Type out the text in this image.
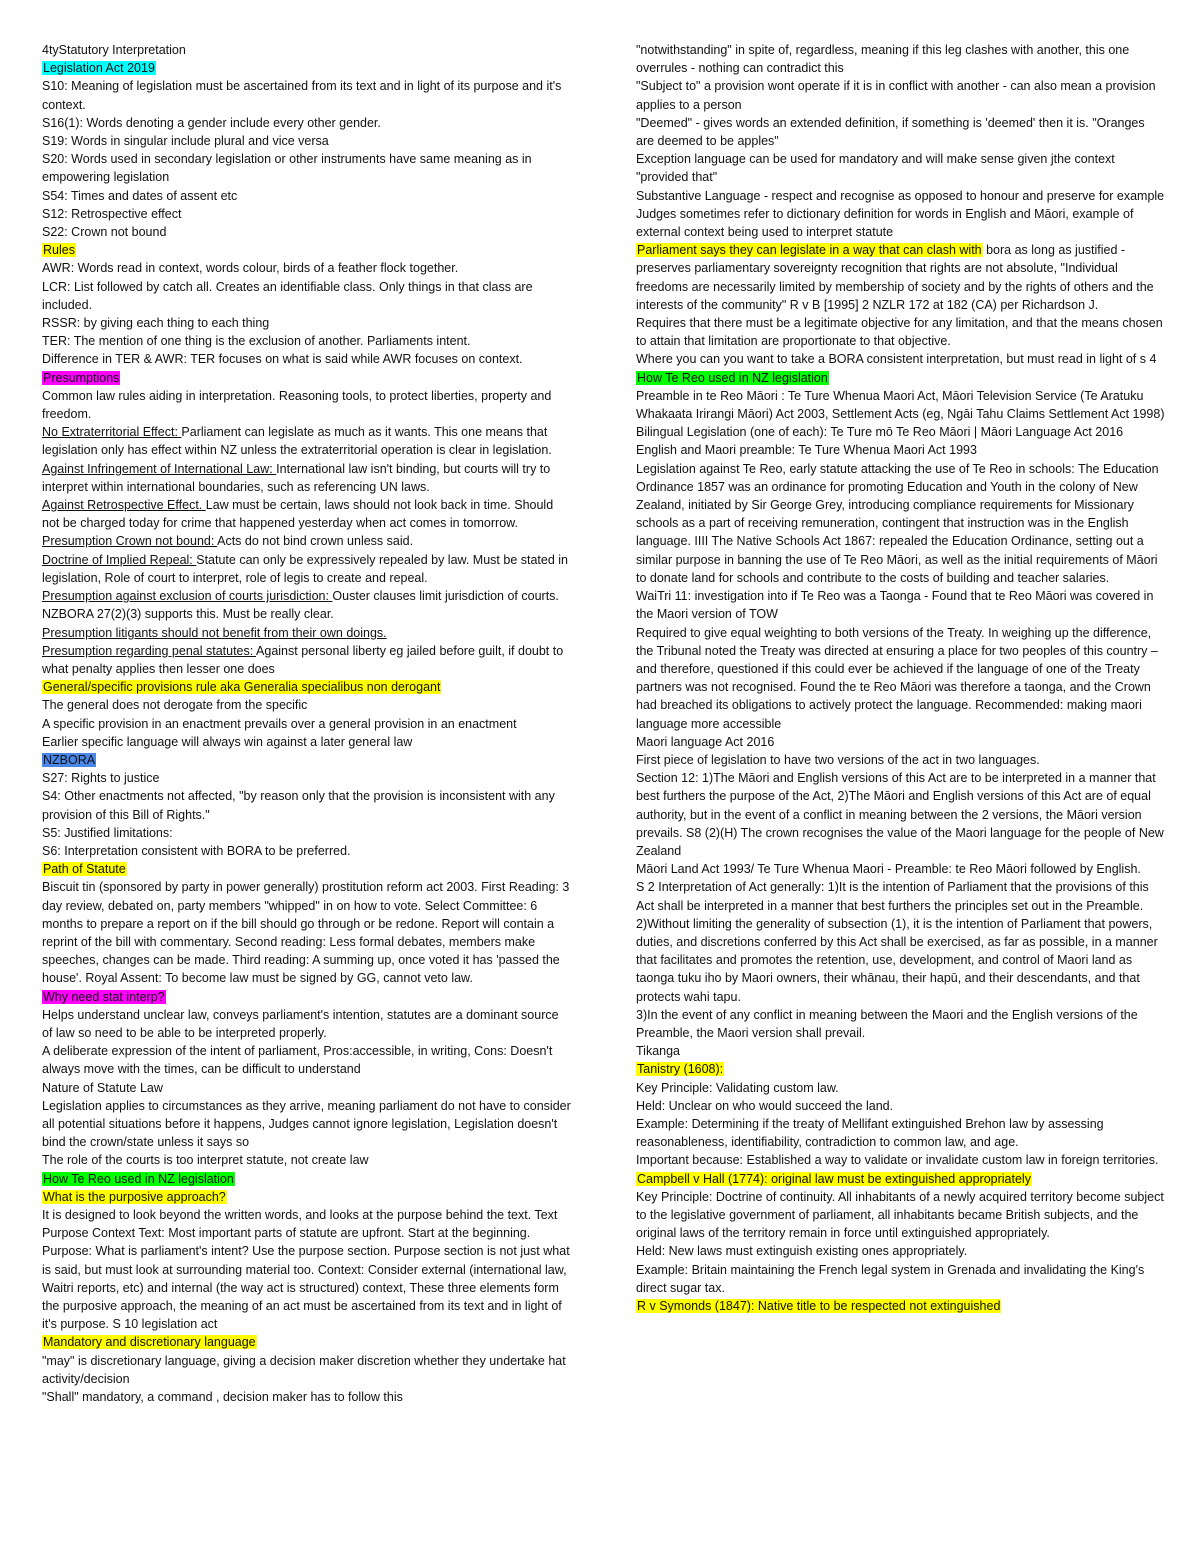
4tyStatutory Interpretation

Legislation Act 2019

S10: Meaning of legislation must be ascertained from its text and in light of its purpose and it's context.

S16(1): Words denoting a gender include every other gender.

S19: Words in singular include plural and vice versa

S20: Words used in secondary legislation or other instruments have same meaning as in empowering legislation

S54: Times and dates of assent etc

S12: Retrospective effect

S22: Crown not bound

Rules

AWR: Words read in context, words colour, birds of a feather flock together.

LCR: List followed by catch all. Creates an identifiable class. Only things in that class are included.

RSSR: by giving each thing to each thing

TER: The mention of one thing is the exclusion of another. Parliaments intent.

Difference in TER & AWR: TER focuses on what is said while AWR focuses on context.

Presumptions

Common law rules aiding in interpretation. Reasoning tools, to protect liberties, property and freedom.

No Extraterritorial Effect: Parliament can legislate as much as it wants. This one means that legislation only has effect within NZ unless the extraterritorial operation is clear in legislation.

Against Infringement of International Law: International law isn't binding, but courts will try to interpret within international boundaries, such as referencing UN laws.

Against Retrospective Effect. Law must be certain, laws should not look back in time. Should not be charged today for crime that happened yesterday when act comes in tomorrow.

Presumption Crown not bound: Acts do not bind crown unless said.

Doctrine of Implied Repeal: Statute can only be expressively repealed by law. Must be stated in legislation, Role of court to interpret, role of legis to create and repeal.

Presumption against exclusion of courts jurisdiction: Ouster clauses limit jurisdiction of courts. NZBORA 27(2)(3) supports this. Must be really clear.

Presumption litigants should not benefit from their own doings.

Presumption regarding penal statutes: Against personal liberty eg jailed before guilt, if doubt to what penalty applies then lesser one does

General/specific provisions rule aka Generalia specialibus non derogant

The general does not derogate from the specific

A specific provision in an enactment prevails over a general provision in an enactment

Earlier specific language will always win against a later general law

NZBORA

S27: Rights to justice

S4: Other enactments not affected, "by reason only that the provision is inconsistent with any provision of this Bill of Rights."

S5: Justified limitations:

S6: Interpretation consistent with BORA to be preferred.

Path of Statute

Biscuit tin (sponsored by party in power generally) prostitution reform act 2003. First Reading: 3 day review, debated on, party members "whipped" in on how to vote. Select Committee: 6 months to prepare a report on if the bill should go through or be redone. Report will contain a reprint of the bill with commentary. Second reading: Less formal debates, members make speeches, changes can be made. Third reading: A summing up, once voted it has 'passed the house'. Royal Assent: To become law must be signed by GG, cannot veto law.

Why need stat interp?

Helps understand unclear law, conveys parliament's intention, statutes are a dominant source of law so need to be able to be interpreted properly.

A deliberate expression of the intent of parliament, Pros:accessible, in writing, Cons: Doesn't always move with the times, can be difficult to understand

Nature of Statute Law

Legislation applies to circumstances as they arrive, meaning parliament do not have to consider all potential situations before it happens, Judges cannot ignore legislation, Legislation doesn't bind the crown/state unless it says so

The role of the courts is too interpret statute, not create law

How Te Reo used in NZ legislation

What is the purposive approach?

It is designed to look beyond the written words, and looks at the purpose behind the text. Text Purpose Context Text: Most important parts of statute are upfront. Start at the beginning. Purpose: What is parliament's intent? Use the purpose section. Purpose section is not just what is said, but must look at surrounding material too. Context: Consider external (international law, Waitri reports, etc) and internal (the way act is structured) context, These three elements form the purposive approach, the meaning of an act must be ascertained from its text and in light of it's purpose. S 10 legislation act

Mandatory and discretionary language

"may" is discretionary language, giving a decision maker discretion whether they undertake hat activity/decision

"Shall" mandatory, a command , decision maker has to follow this

"notwithstanding" in spite of, regardless, meaning if this leg clashes with another, this one overrules - nothing can contradict this

"Subject to" a provision wont operate if it is in conflict with another - can also mean a provision applies to a person

"Deemed" - gives words an extended definition, if something is 'deemed' then it is. "Oranges are deemed to be apples"

Exception language can be used for mandatory and will make sense given jthe context "provided that"

Substantive Language - respect and recognise as opposed to honour and preserve for example

Judges sometimes refer to dictionary definition for words in English and Māori, example of external context being used to interpret statute

Parliament says they can legislate in a way that can clash with bora as long as justified - preserves parliamentary sovereignty recognition that rights are not absolute, "Individual freedoms are necessarily limited by membership of society and by the rights of others and the interests of the community" R v B [1995] 2 NZLR 172 at 182 (CA) per Richardson J.

Requires that there must be a legitimate objective for any limitation, and that the means chosen to attain that limitation are proportionate to that objective.

Where you can you want to take a BORA consistent interpretation, but must read in light of s 4

How Te Reo used in NZ legislation

Preamble in te Reo Māori : Te Ture Whenua Maori Act, Māori Television Service (Te Aratuku Whakaata Irirangi Māori) Act 2003, Settlement Acts (eg, Ngāi Tahu Claims Settlement Act 1998)

Bilingual Legislation (one of each): Te Ture mō Te Reo Māori | Māori Language Act 2016

English and Maori preamble: Te Ture Whenua Maori Act 1993

Legislation against Te Reo, early statute attacking the use of Te Reo in schools: The Education Ordinance 1857 was an ordinance for promoting Education and Youth in the colony of New Zealand, initiated by Sir George Grey, introducing compliance requirements for Missionary schools as a part of receiving remuneration, contingent that instruction was in the English language. IIII The Native Schools Act 1867: repealed the Education Ordinance, setting out a similar purpose in banning the use of Te Reo Māori, as well as the initial requirements of Māori to donate land for schools and contribute to the costs of building and teacher salaries.

WaiTri 11: investigation into if Te Reo was a Taonga - Found that te Reo Māori was covered in the Maori version of TOW

Required to give equal weighting to both versions of the Treaty. In weighing up the difference, the Tribunal noted the Treaty was directed at ensuring a place for two peoples of this country – and therefore, questioned if this could ever be achieved if the language of one of the Treaty partners was not recognised. Found the te Reo Māori was therefore a taonga, and the Crown had breached its obligations to actively protect the language. Recommended: making maori language more accessible

Maori language Act 2016

First piece of legislation to have two versions of the act in two languages.

Section 12: 1)The Māori and English versions of this Act are to be interpreted in a manner that best furthers the purpose of the Act, 2)The Māori and English versions of this Act are of equal authority, but in the event of a conflict in meaning between the 2 versions, the Māori version prevails. S8 (2)(H) The crown recognises the value of the Maori language for the people of New Zealand

Māori Land Act 1993/ Te Ture Whenua Maori - Preamble: te Reo Māori followed by English.

S 2 Interpretation of Act generally: 1)It is the intention of Parliament that the provisions of this Act shall be interpreted in a manner that best furthers the principles set out in the Preamble.

2)Without limiting the generality of subsection (1), it is the intention of Parliament that powers, duties, and discretions conferred by this Act shall be exercised, as far as possible, in a manner that facilitates and promotes the retention, use, development, and control of Maori land as taonga tuku iho by Maori owners, their whānau, their hapū, and their descendants, and that protects wahi tapu.

3)In the event of any conflict in meaning between the Maori and the English versions of the Preamble, the Maori version shall prevail.

Tikanga

Tanistry (1608):

Key Principle: Validating custom law.

Held: Unclear on who would succeed the land.

Example: Determining if the treaty of Mellifant extinguished Brehon law by assessing reasonableness, identifiability, contradiction to common law, and age.

Important because: Established a way to validate or invalidate custom law in foreign territories.

Campbell v Hall (1774): original law must be extinguished appropriately

Key Principle: Doctrine of continuity. All inhabitants of a newly acquired territory become subject to the legislative government of parliament, all inhabitants became British subjects, and the original laws of the territory remain in force until extinguished appropriately.

Held: New laws must extinguish existing ones appropriately.

Example: Britain maintaining the French legal system in Grenada and invalidating the King's direct sugar tax.

R v Symonds (1847): Native title to be respected not extinguished
